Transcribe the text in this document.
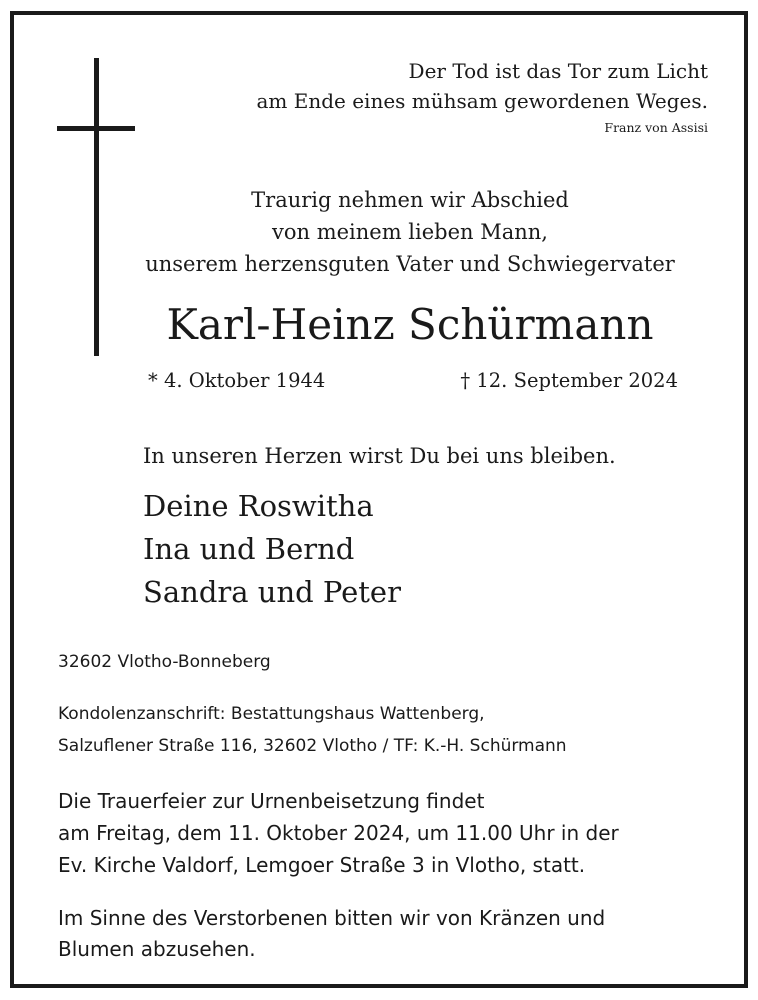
Der Tod ist das Tor zum Licht
am Ende eines mühsam gewordenen Weges.
Franz von Assisi
Traurig nehmen wir Abschied
von meinem lieben Mann,
unserem herzensguten Vater und Schwiegervater
Karl-Heinz Schürmann
* 4. Oktober 1944	† 12. September 2024
In unseren Herzen wirst Du bei uns bleiben.
Deine Roswitha
Ina und Bernd
Sandra und Peter
32602 Vlotho-Bonneberg
Kondolenzanschrift: Bestattungshaus Wattenberg,
Salzuflener Straße 116, 32602 Vlotho / TF: K.-H. Schürmann
Die Trauerfeier zur Urnenbeisetzung findet
am Freitag, dem 11. Oktober 2024, um 11.00 Uhr in der
Ev. Kirche Valdorf, Lemgoer Straße 3 in Vlotho, statt.
Im Sinne des Verstorbenen bitten wir von Kränzen und
Blumen abzusehen.
